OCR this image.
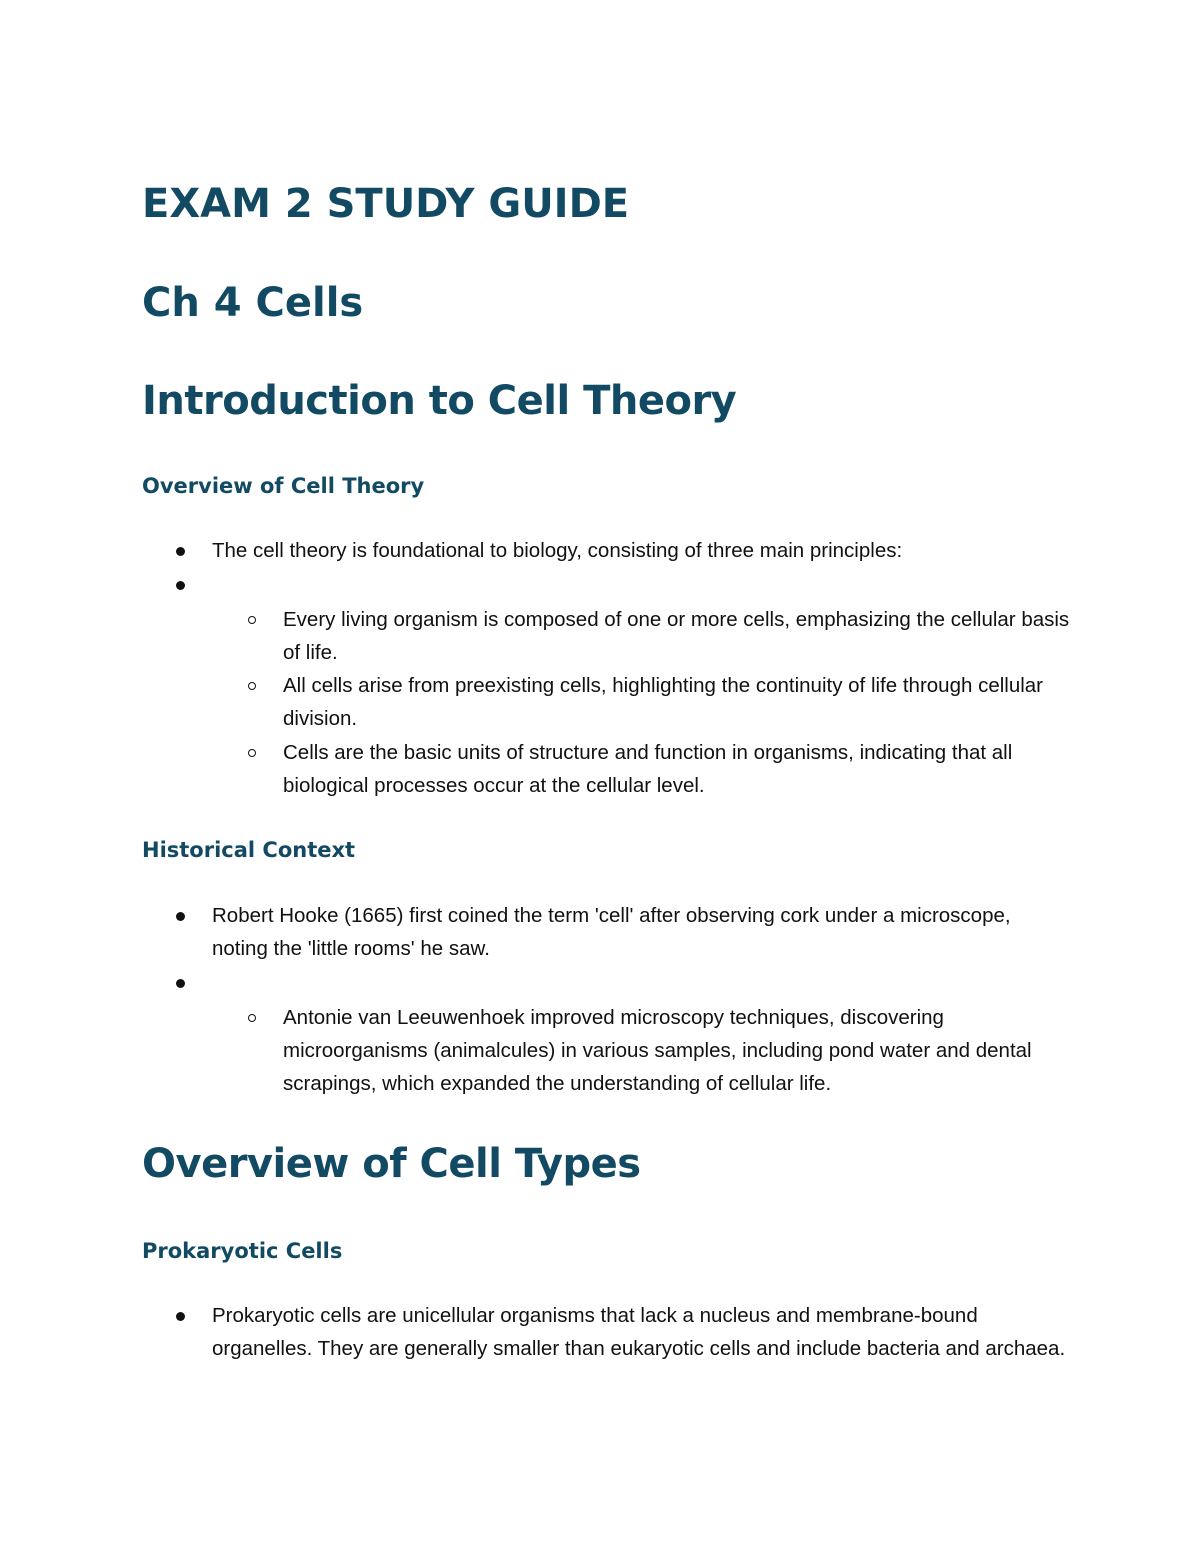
EXAM 2 STUDY GUIDE
Ch 4 Cells
Introduction to Cell Theory
Overview of Cell Theory

The cell theory is foundational to biology, consisting of three main principles:

Every living organism is composed of one or more cells, emphasizing the cellular basis of life.

All cells arise from preexisting cells, highlighting the continuity of life through cellular division.

Cells are the basic units of structure and function in organisms, indicating that all biological processes occur at the cellular level.

Historical Context

Robert Hooke (1665) first coined the term 'cell' after observing cork under a microscope, noting the 'little rooms' he saw.

Antonie van Leeuwenhoek improved microscopy techniques, discovering microorganisms (animalcules) in various samples, including pond water and dental scrapings, which expanded the understanding of cellular life.

Overview of Cell Types
Prokaryotic Cells

Prokaryotic cells are unicellular organisms that lack a nucleus and membrane-bound organelles. They are generally smaller than eukaryotic cells and include bacteria and archaea.
